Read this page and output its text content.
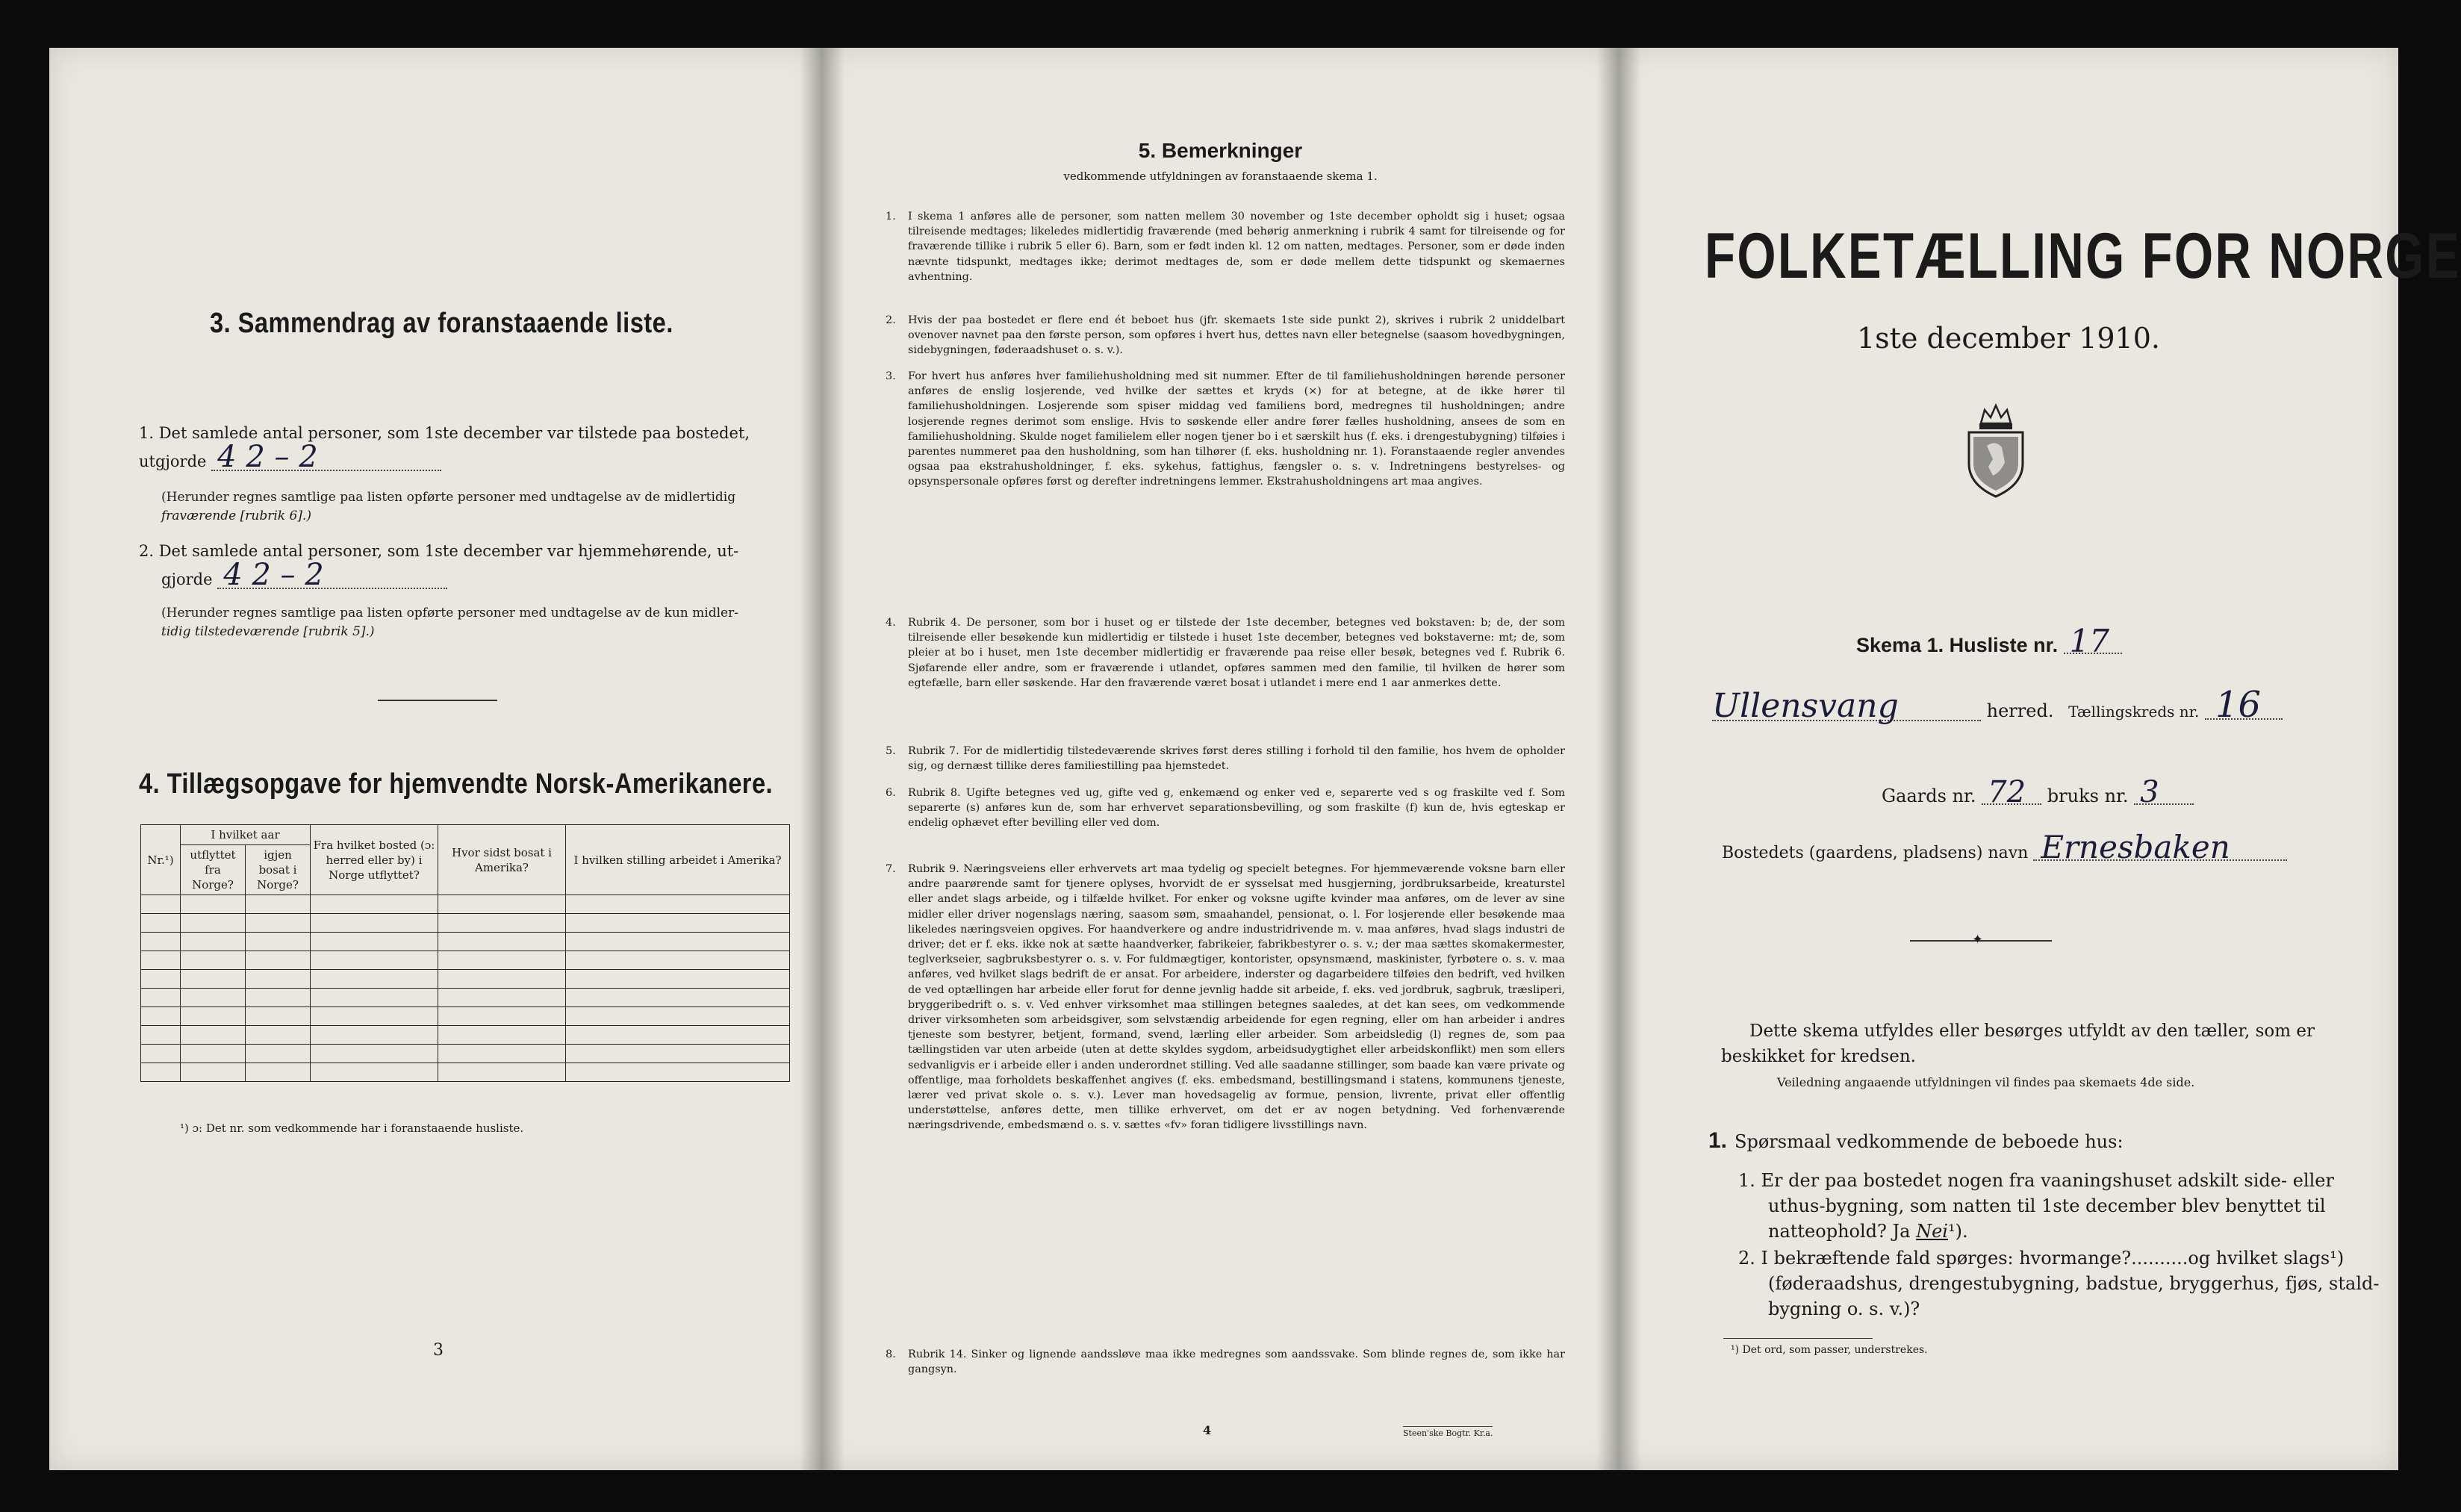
3. Sammendrag av foranstaaende liste.
1. Det samlede antal personer, som 1ste december var tilstede paa bostedet,
utgjorde 4 2 – 2
(Herunder regnes samtlige paa listen opførte personer med undtagelse av de midlertidig
fraværende [rubrik 6].)
2. Det samlede antal personer, som 1ste december var hjemmehørende, ut-
gjorde 4 2 – 2
(Herunder regnes samtlige paa listen opførte personer med undtagelse av de kun midler-
tidig tilstedeværende [rubrik 5].)
4. Tillægsopgave for hjemvendte Norsk-Amerikanere.
Nr.¹)	I hvilket aar		Fra hvilket bosted (ɔ: herred eller by) i Norge utflyttet?	Hvor sidst bosat i Amerika?	I hvilken stilling arbeidet i Amerika?
	utflyttet fra Norge?	igjen bosat i Norge?			

¹) ɔ: Det nr. som vedkommende har i foranstaaende husliste.
3
5. Bemerkninger
vedkommende utfyldningen av foranstaaende skema 1.
1. I skema 1 anføres alle de personer, som natten mellem 30 november og 1ste december opholdt sig i huset; ogsaa tilreisende medtages; likeledes midlertidig fraværende (med behørig anmerkning i rubrik 4 samt for tilreisende og for fraværende tillike i rubrik 5 eller 6). Barn, som er født inden kl. 12 om natten, medtages. Personer, som er døde inden nævnte tidspunkt, medtages ikke; derimot medtages de, som er døde mellem dette tidspunkt og skemaernes avhentning.
2. Hvis der paa bostedet er flere end ét beboet hus (jfr. skemaets 1ste side punkt 2), skrives i rubrik 2 uniddelbart ovenover navnet paa den første person, som opføres i hvert hus, dettes navn eller betegnelse (saasom hovedbygningen, sidebygningen, føderaadshuset o. s. v.).
3. For hvert hus anføres hver familiehusholdning med sit nummer. Efter de til familiehusholdningen hørende personer anføres de enslig losjerende, ved hvilke der sættes et kryds (×) for at betegne, at de ikke hører til familiehusholdningen. Losjerende som spiser middag ved familiens bord, medregnes til husholdningen; andre losjerende regnes derimot som enslige. Hvis to søskende eller andre fører fælles husholdning, ansees de som en familiehusholdning. Skulde noget familielem eller nogen tjener bo i et særskilt hus (f. eks. i drengestubygning) tilføies i parentes nummeret paa den husholdning, som han tilhører (f. eks. husholdning nr. 1). Foranstaaende regler anvendes ogsaa paa ekstrahusholdninger, f. eks. sykehus, fattighus, fængsler o. s. v. Indretningens bestyrelses- og opsynspersonale opføres først og derefter indretningens lemmer. Ekstrahusholdningens art maa angives.
4. Rubrik 4. De personer, som bor i huset og er tilstede der 1ste december, betegnes ved bokstaven: b; de, der som tilreisende eller besøkende kun midlertidig er tilstede i huset 1ste december, betegnes ved bokstaverne: mt; de, som pleier at bo i huset, men 1ste december midlertidig er fraværende paa reise eller besøk, betegnes ved f. Rubrik 6. Sjøfarende eller andre, som er fraværende i utlandet, opføres sammen med den familie, til hvilken de hører som egtefælle, barn eller søskende. Har den fraværende været bosat i utlandet i mere end 1 aar anmerkes dette.
5. Rubrik 7. For de midlertidig tilstedeværende skrives først deres stilling i forhold til den familie, hos hvem de opholder sig, og dernæst tillike deres familiestilling paa hjemstedet.
6. Rubrik 8. Ugifte betegnes ved ug, gifte ved g, enkemænd og enker ved e, separerte ved s og fraskilte ved f. Som separerte (s) anføres kun de, som har erhvervet separationsbevilling, og som fraskilte (f) kun de, hvis egteskap er endelig ophævet efter bevilling eller ved dom.
7. Rubrik 9. Næringsveiens eller erhvervets art maa tydelig og specielt betegnes. For hjemmeværende voksne barn eller andre paarørende samt for tjenere oplyses, hvorvidt de er sysselsat med husgjerning, jordbruksarbeide, kreaturstel eller andet slags arbeide, og i tilfælde hvilket. For enker og voksne ugifte kvinder maa anføres, om de lever av sine midler eller driver nogenslags næring, saasom søm, smaahandel, pensionat, o. l. For losjerende eller besøkende maa likeledes næringsveien opgives. For haandverkere og andre industridrivende m. v. maa anføres, hvad slags industri de driver; det er f. eks. ikke nok at sætte haandverker, fabrikeier, fabrikbestyrer o. s. v.; der maa sættes skomakermester, teglverkseier, sagbruksbestyrer o. s. v. For fuldmægtiger, kontorister, opsynsmænd, maskinister, fyrbøtere o. s. v. maa anføres, ved hvilket slags bedrift de er ansat. For arbeidere, inderster og dagarbeidere tilføies den bedrift, ved hvilken de ved optællingen har arbeide eller forut for denne jevnlig hadde sit arbeide, f. eks. ved jordbruk, sagbruk, træsliperi, bryggeribedrift o. s. v. Ved enhver virksomhet maa stillingen betegnes saaledes, at det kan sees, om vedkommende driver virksomheten som arbeidsgiver, som selvstændig arbeidende for egen regning, eller om han arbeider i andres tjeneste som bestyrer, betjent, formand, svend, lærling eller arbeider. Som arbeidsledig (l) regnes de, som paa tællingstiden var uten arbeide (uten at dette skyldes sygdom, arbeidsudygtighet eller arbeidskonflikt) men som ellers sedvanligvis er i arbeide eller i anden underordnet stilling. Ved alle saadanne stillinger, som baade kan være private og offentlige, maa forholdets beskaffenhet angives (f. eks. embedsmand, bestillingsmand i statens, kommunens tjeneste, lærer ved privat skole o. s. v.). Lever man hovedsagelig av formue, pension, livrente, privat eller offentlig understøttelse, anføres dette, men tillike erhvervet, om det er av nogen betydning. Ved forhenværende næringsdrivende, embedsmænd o. s. v. sættes «fv» foran tidligere livsstillings navn.
8. Rubrik 14. Sinker og lignende aandssløve maa ikke medregnes som aandssvake. Som blinde regnes de, som ikke har gangsyn.
4	Steen'ske Bogtr. Kr.a.
FOLKETÆLLING FOR NORGE
1ste december 1910.
Skema 1. Husliste nr. 17
Ullensvang	herred. Tællingskreds nr. 16
Gaards nr. 72 bruks nr. 3
Bostedets (gaardens, pladsens) navn Ernesbaken
✦
Dette skema utfyldes eller besørges utfyldt av den tæller, som er
beskikket for kredsen.
Veiledning angaaende utfyldningen vil findes paa skemaets 4de side.
1. Spørsmaal vedkommende de beboede hus:
1. Er der paa bostedet nogen fra vaaningshuset adskilt side- eller
uthus-bygning, som natten til 1ste december blev benyttet til
natteophold? Ja Nei¹).
2. I bekræftende fald spørges: hvormange?..........og hvilket slags¹)
(føderaadshus, drengestubygning, badstue, bryggerhus, fjøs, stald-
bygning o. s. v.)?
¹) Det ord, som passer, understrekes.
